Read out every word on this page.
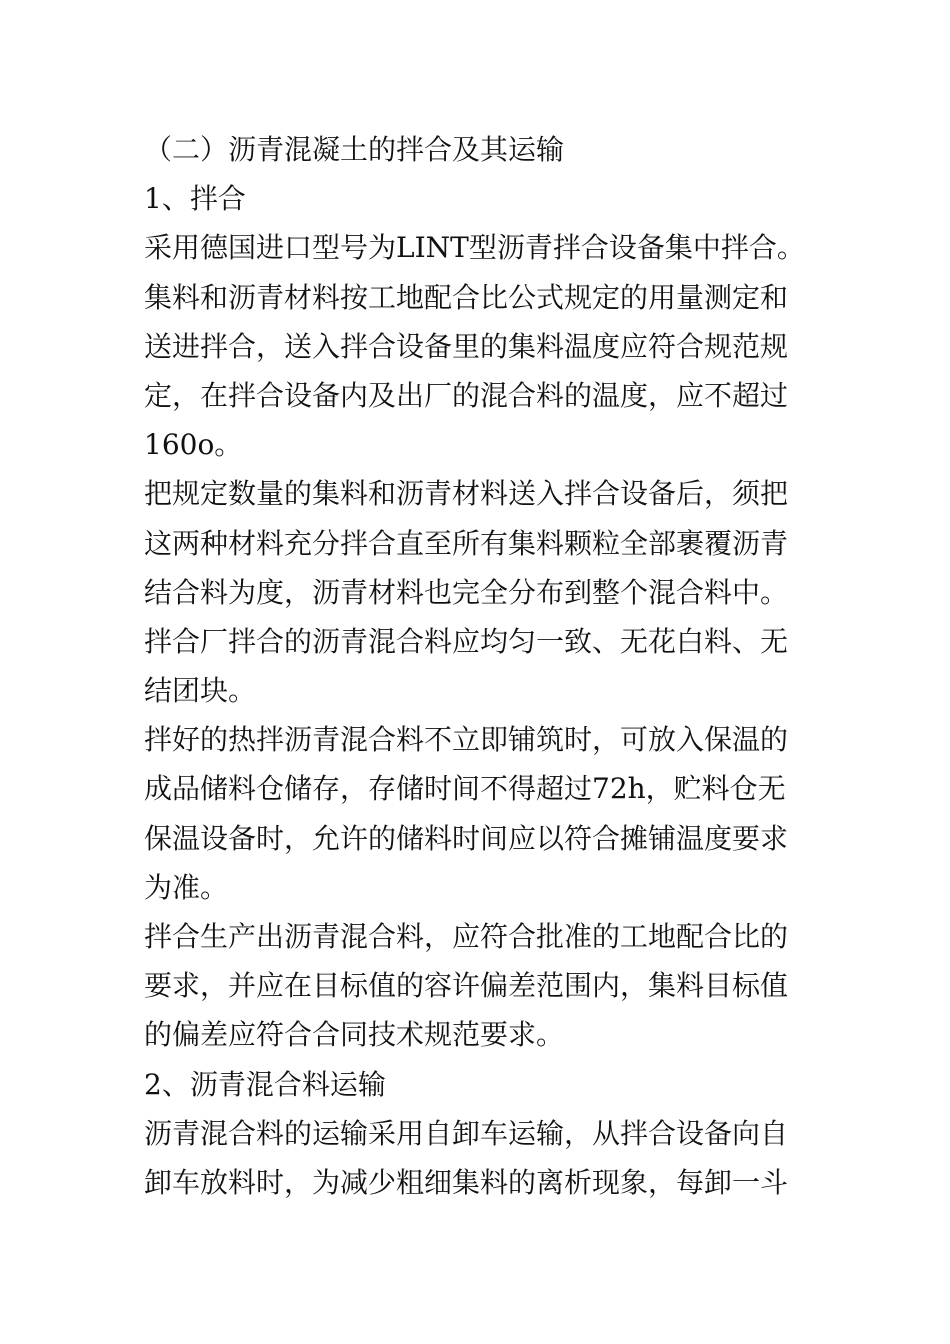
（二）沥青混凝土的拌合及其运输

1、拌合

采用德国进口型号为LINT型沥青拌合设备集中拌合。

集料和沥青材料按工地配合比公式规定的用量测定和

送进拌合，送入拌合设备里的集料温度应符合规范规

定，在拌合设备内及出厂的混合料的温度，应不超过

160o。

把规定数量的集料和沥青材料送入拌合设备后，须把

这两种材料充分拌合直至所有集料颗粒全部裹覆沥青

结合料为度，沥青材料也完全分布到整个混合料中。

拌合厂拌合的沥青混合料应均匀一致、无花白料、无

结团块。

拌好的热拌沥青混合料不立即铺筑时，可放入保温的

成品储料仓储存，存储时间不得超过72h，贮料仓无

保温设备时，允许的储料时间应以符合摊铺温度要求

为准。

拌合生产出沥青混合料，应符合批准的工地配合比的

要求，并应在目标值的容许偏差范围内，集料目标值

的偏差应符合合同技术规范要求。

2、沥青混合料运输

沥青混合料的运输采用自卸车运输，从拌合设备向自

卸车放料时，为减少粗细集料的离析现象，每卸一斗
